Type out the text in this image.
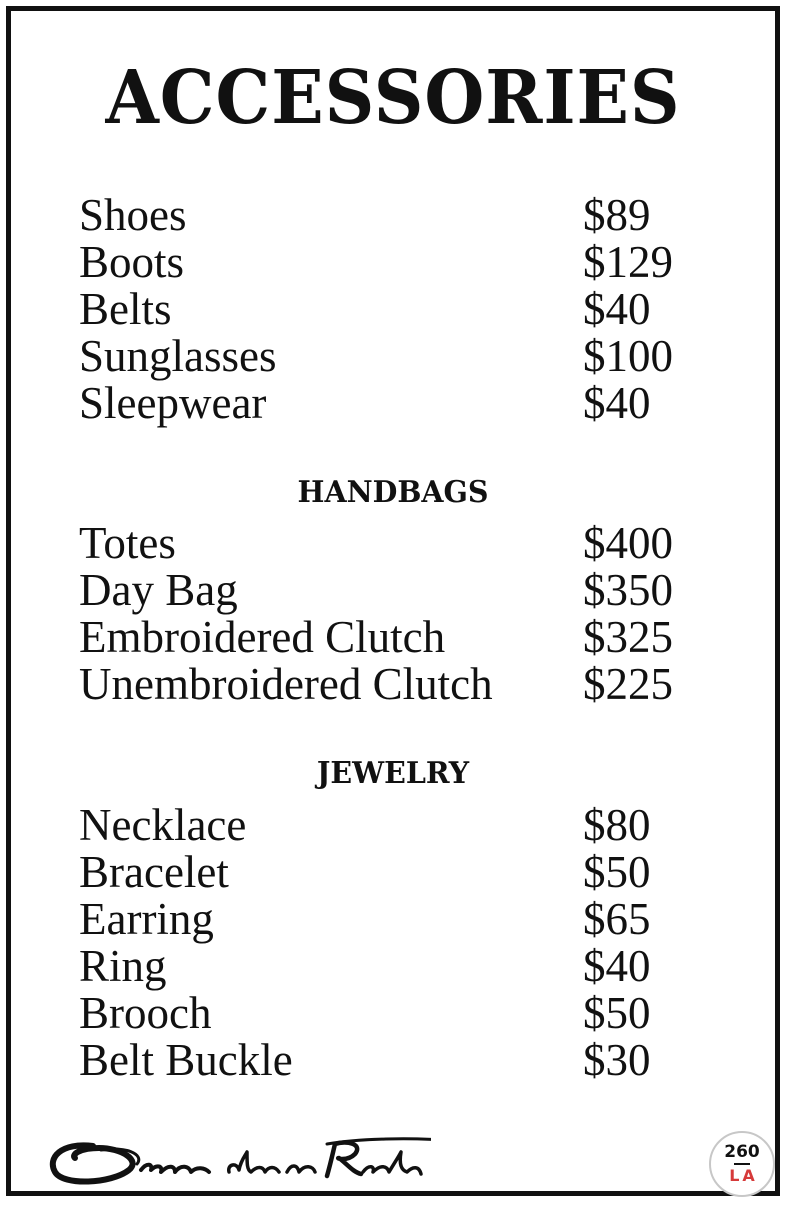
ACCESSORIES
Shoes	$89
Boots	$129
Belts	$40
Sunglasses	$100
Sleepwear	$40
HANDBAGS
Totes	$400
Day Bag	$350
Embroidered Clutch	$325
Unembroidered Clutch $225
JEWELRY
Necklace	$80
Bracelet	$50
Earring	$65
Ring	$40
Brooch	$50
Belt Buckle	$30
260
LA
